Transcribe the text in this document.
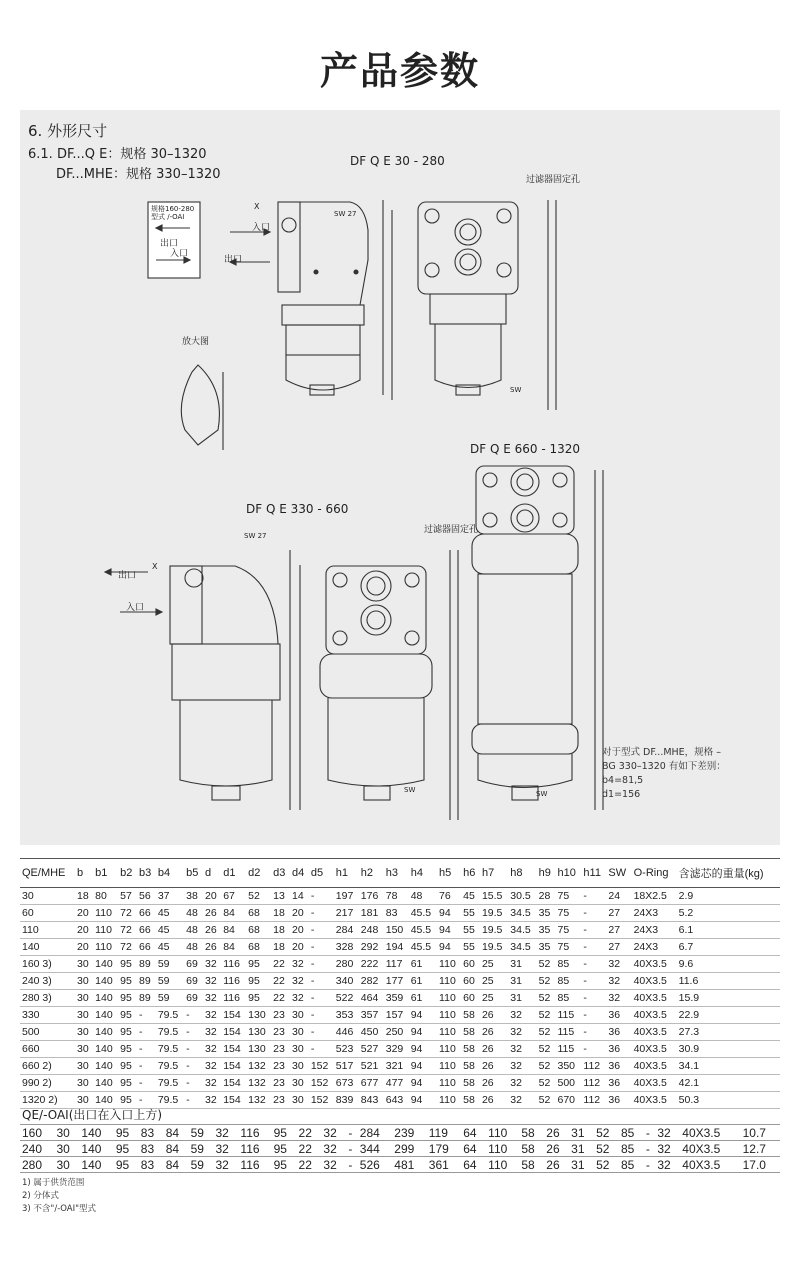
产品参数
6. 外形尺寸
6.1. DF...Q E：规格 30–1320
DF...MHE：规格 330–1320
DF Q E 30 - 280
DF Q E 330 - 660
DF Q E 660 - 1320
规格160-280
型式 /-OAI
出口
入口
入口
出口
放大图
过滤器固定孔
过滤器固定孔
SW 27
SW 27
SW
SW	SW
X
X
出口
入口
对于型式 DF...MHE，规格 –
BG 330–1320 有如下差别：
b4=81,5
d1=156
QE/MHE	b	b1	b2	b3	b4	b5	d	d1	d2	d3	d4	d5	h1	h2	h3	h4	h5	h6	h7	h8	h9	h10	h11	SW	O-Ring	含滤芯的重量(kg)
30	18	80	57	56	37	38	20	67	52	13	14	-	197	176	78	48	76	45	15.5	30.5	28	75	-	24	18X2.5	2.9
60	20	110	72	66	45	48	26	84	68	18	20	-	217	181	83	45.5	94	55	19.5	34.5	35	75	-	27	24X3	5.2
110	20	110	72	66	45	48	26	84	68	18	20	-	284	248	150	45.5	94	55	19.5	34.5	35	75	-	27	24X3	6.1
140	20	110	72	66	45	48	26	84	68	18	20	-	328	292	194	45.5	94	55	19.5	34.5	35	75	-	27	24X3	6.7
160 3)	30	140	95	89	59	69	32	116	95	22	32	-	280	222	117	61	110	60	25	31	52	85	-	32	40X3.5	9.6
240 3)	30	140	95	89	59	69	32	116	95	22	32	-	340	282	177	61	110	60	25	31	52	85	-	32	40X3.5	11.6
280 3)	30	140	95	89	59	69	32	116	95	22	32	-	522	464	359	61	110	60	25	31	52	85	-	32	40X3.5	15.9
330	30	140	95	-	79.5	-	32	154	130	23	30	-	353	357	157	94	110	58	26	32	52	115	-	36	40X3.5	22.9
500	30	140	95	-	79.5	-	32	154	130	23	30	-	446	450	250	94	110	58	26	32	52	115	-	36	40X3.5	27.3
660	30	140	95	-	79.5	-	32	154	130	23	30	-	523	527	329	94	110	58	26	32	52	115	-	36	40X3.5	30.9
660 2)	30	140	95	-	79.5	-	32	154	132	23	30	152	517	521	321	94	110	58	26	32	52	350	112	36	40X3.5	34.1
990 2)	30	140	95	-	79.5	-	32	154	132	23	30	152	673	677	477	94	110	58	26	32	52	500	112	36	40X3.5	42.1
1320 2)	30	140	95	-	79.5	-	32	154	132	23	30	152	839	843	643	94	110	58	26	32	52	670	112	36	40X3.5	50.3
QE/-OAI(出口在入口上方)
160	30	140	95	83	84	59	32	116	95	22	32	-	284	239	119	64	110	58	26	31	52	85	-	32	40X3.5	10.7
240	30	140	95	83	84	59	32	116	95	22	32	-	344	299	179	64	110	58	26	31	52	85	-	32	40X3.5	12.7
280	30	140	95	83	84	59	32	116	95	22	32	-	526	481	361	64	110	58	26	31	52	85	-	32	40X3.5	17.0
1) 属于供货范围
2) 分体式
3) 不含"/-OAI"型式
